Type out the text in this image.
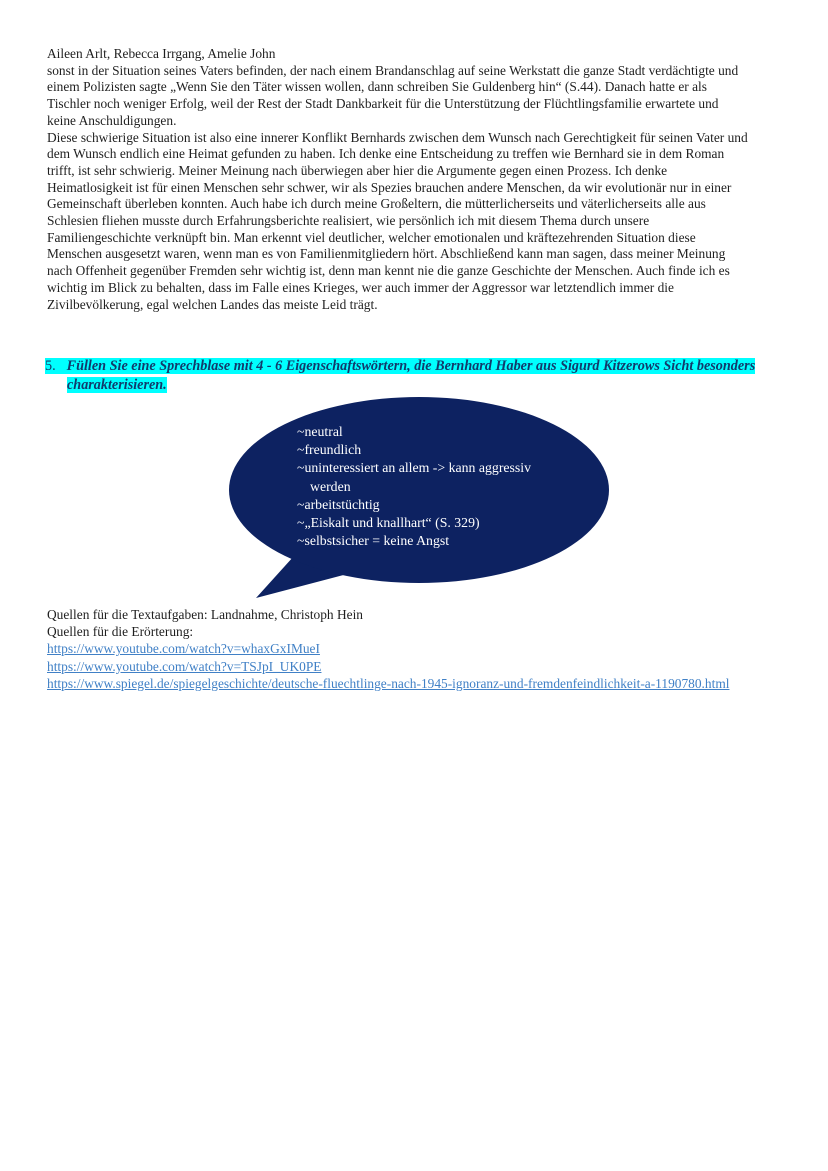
Aileen Arlt, Rebecca Irrgang, Amelie John
sonst in der Situation seines Vaters befinden, der nach einem Brandanschlag auf seine Werkstatt die ganze Stadt verdächtigte und einem Polizisten sagte „Wenn Sie den Täter wissen wollen, dann schreiben Sie Guldenberg hin“ (S.44). Danach hatte er als Tischler noch weniger Erfolg, weil der Rest der Stadt Dankbarkeit für die Unterstützung der Flüchtlingsfamilie erwartete und keine Anschuldigungen.
Diese schwierige Situation ist also eine innerer Konflikt Bernhards zwischen dem Wunsch nach Gerechtigkeit für seinen Vater und dem Wunsch endlich eine Heimat gefunden zu haben. Ich denke eine Entscheidung zu treffen wie Bernhard sie in dem Roman trifft, ist sehr schwierig. Meiner Meinung nach überwiegen aber hier die Argumente gegen einen Prozess. Ich denke Heimatlosigkeit ist für einen Menschen sehr schwer, wir als Spezies brauchen andere Menschen, da wir evolutionär nur in einer Gemeinschaft überleben konnten. Auch habe ich durch meine Großeltern, die mütterlicherseits und väterlicherseits alle aus Schlesien fliehen musste durch Erfahrungsberichte realisiert, wie persönlich ich mit diesem Thema durch unsere Familiengeschichte verknüpft bin. Man erkennt viel deutlicher, welcher emotionalen und kräftezehrenden Situation diese Menschen ausgesetzt waren, wenn man es von Familienmitgliedern hört. Abschließend kann man sagen, dass meiner Meinung nach Offenheit gegenüber Fremden sehr wichtig ist, denn man kennt nie die ganze Geschichte der Menschen. Auch finde ich es wichtig im Blick zu behalten, dass im Falle eines Krieges, wer auch immer der Aggressor war letztendlich immer die Zivilbevölkerung, egal welchen Landes das meiste Leid trägt.
5. Füllen Sie eine Sprechblase mit 4 - 6 Eigenschaftswörtern, die Bernhard Haber aus Sigurd Kitzerows Sicht besonders charakterisieren.
~neutral
~freundlich
~uninteressiert an allem -> kann aggressiv werden
~arbeitstüchtig
~„Eiskalt und knallhart“ (S. 329)
~selbstsicher = keine Angst
Quellen für die Textaufgaben: Landnahme, Christoph Hein
Quellen für die Erörterung:
https://www.youtube.com/watch?v=whaxGxIMueI
https://www.youtube.com/watch?v=TSJpI_UK0PE
https://www.spiegel.de/spiegelgeschichte/deutsche-fluechtlinge-nach-1945-ignoranz-und-fremdenfeindlichkeit-a-1190780.html
